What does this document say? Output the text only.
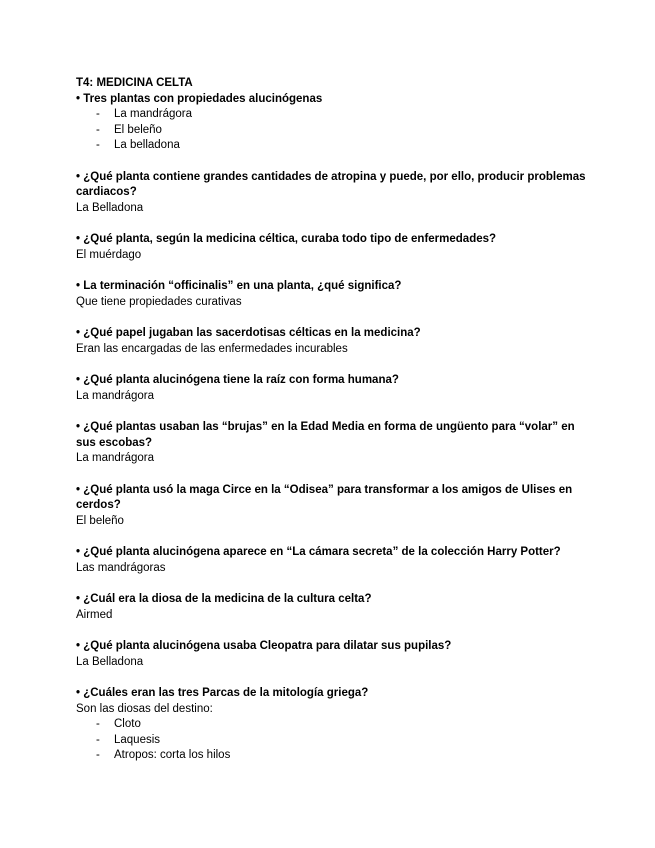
T4: MEDICINA CELTA

• Tres plantas con propiedades alucinógenas

- La mandrágora
- El beleño
- La belladona

• ¿Qué planta contiene grandes cantidades de atropina y puede, por ello, producir problemas cardiacos?

La Belladona

• ¿Qué planta, según la medicina céltica, curaba todo tipo de enfermedades?

El muérdago

• La terminación “officinalis” en una planta, ¿qué significa?

Que tiene propiedades curativas

• ¿Qué papel jugaban las sacerdotisas célticas en la medicina?

Eran las encargadas de las enfermedades incurables

• ¿Qué planta alucinógena tiene la raíz con forma humana?

La mandrágora

• ¿Qué plantas usaban las “brujas” en la Edad Media en forma de ungüento para “volar” en sus escobas?

La mandrágora

• ¿Qué planta usó la maga Circe en la “Odisea” para transformar a los amigos de Ulises en cerdos?

El beleño

• ¿Qué planta alucinógena aparece en “La cámara secreta” de la colección Harry Potter?

Las mandrágoras

• ¿Cuál era la diosa de la medicina de la cultura celta?

Airmed

• ¿Qué planta alucinógena usaba Cleopatra para dilatar sus pupilas?

La Belladona

• ¿Cuáles eran las tres Parcas de la mitología griega?

Son las diosas del destino:

- Cloto
- Laquesis
- Atropos: corta los hilos
